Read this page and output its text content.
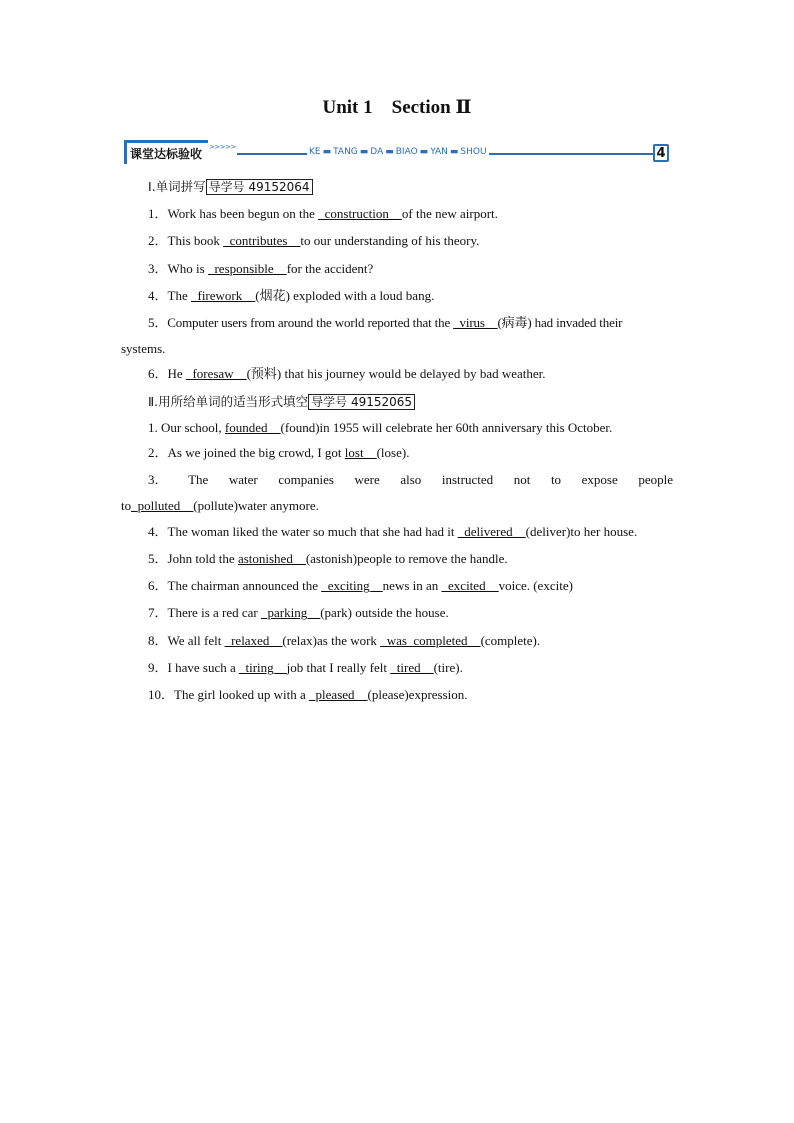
Unit 1    Section Ⅱ
课堂达标验收 >>>>>	KE ▬ TANG ▬ DA ▬ BIAO ▬ YAN ▬ SHOU	4
Ⅰ.单词拼写 导学号 49152064
1．Work has been begun on the _construction__of the new airport.
2．This book _contributes__to our understanding of his theory.
3．Who is _responsible__for the accident?
4．The _firework__(烟花) exploded with a loud bang.
5．Computer users from around the world reported that the _virus__(病毒) had invaded their
systems.
6．He _foresaw__(预料) that his journey would be delayed by bad weather.
Ⅱ.用所给单词的适当形式填空 导学号 49152065
1. Our school, founded__(found)in 1955 will celebrate her 60th anniversary this October.
2．As we joined the big crowd, I got lost__(lose).
3． The water companies were also instructed not to expose people
to_polluted__(pollute)water anymore.
4．The woman liked the water so much that she had had it _delivered__(deliver)to her house.
5．John told the astonished__(astonish)people to remove the handle.
6．The chairman announced the _exciting__news in an _excited__voice. (excite)
7．There is a red car _parking__(park) outside the house.
8．We all felt _relaxed__(relax)as the work _was_completed__(complete).
9．I have such a _tiring__job that I really felt _tired__(tire).
10．The girl looked up with a _pleased__(please)expression.
